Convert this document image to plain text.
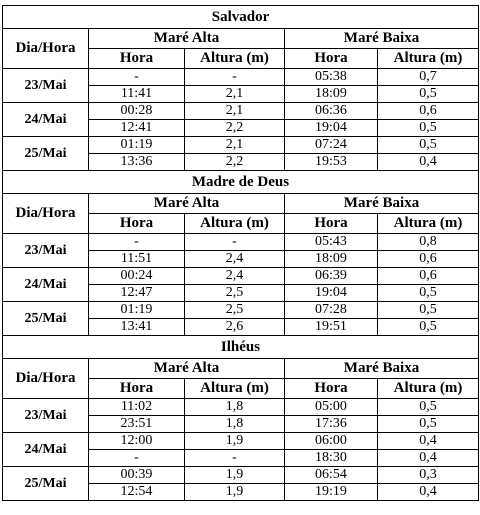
Salvador				
Dia/Hora	Maré Alta		Maré Baixa	
	Hora	Altura (m)	Hora	Altura (m)
23/Mai	-	-	05:38	0,7
	11:41	2,1	18:09	0,5
24/Mai	00:28	2,1	06:36	0,6
	12:41	2,2	19:04	0,5
25/Mai	01:19	2,1	07:24	0,5
	13:36	2,2	19:53	0,4
Madre de Deus				
Dia/Hora	Maré Alta		Maré Baixa	
	Hora	Altura (m)	Hora	Altura (m)
23/Mai	-	-	05:43	0,8
	11:51	2,4	18:09	0,6
24/Mai	00:24	2,4	06:39	0,6
	12:47	2,5	19:04	0,5
25/Mai	01:19	2,5	07:28	0,5
	13:41	2,6	19:51	0,5
Ilhéus				
Dia/Hora	Maré Alta		Maré Baixa	
	Hora	Altura (m)	Hora	Altura (m)
23/Mai	11:02	1,8	05:00	0,5
	23:51	1,8	17:36	0,5
24/Mai	12:00	1,9	06:00	0,4
	-	-	18:30	0,4
25/Mai	00:39	1,9	06:54	0,3
	12:54	1,9	19:19	0,4
